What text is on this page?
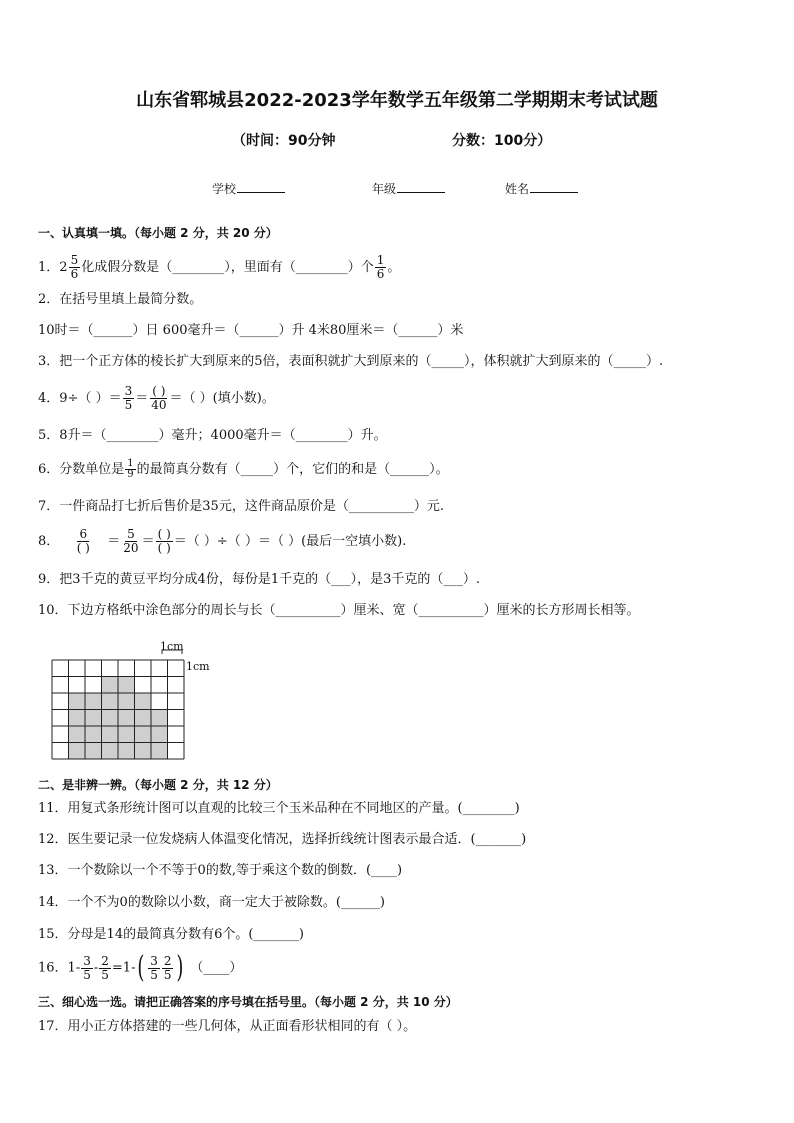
山东省郓城县2022-2023学年数学五年级第二学期期末考试试题
（时间：90分钟	分数：100分）
学校	年级	姓名
一、认真填一填。（每小题 2 分，共 20 分）
1．$2 \frac{5}{6}$ 化成假分数是（________），里面有（________）个 $\frac{1}{6}$ 。
2．在括号里填上最简分数。
10时＝（______）日 600毫升＝（______）升 4米80厘米＝（______）米
3．把一个正方体的棱长扩大到原来的5倍，表面积就扩大到原来的（_____），体积就扩大到原来的（_____）.
4．9÷（ ）＝ $\frac{3}{5} = \frac{( )}{40}$ ＝（ ）(填小数)。
5．8升＝（________）毫升；4000毫升＝（________）升。
6．分数单位是 $\frac{1}{9}$ 的最简真分数有（_____）个，它们的和是（______）。
7．一件商品打七折后售价是35元，这件商品原价是（__________）元.
8． $\frac{6}{( )} = \frac{5}{20} = \frac{( )}{( )}$ ＝（ ）÷（ ）＝（ ）(最后一空填小数).
9．把3千克的黄豆平均分成4份，每份是1千克的（___），是3千克的（___）.
10．下边方格纸中涂色部分的周长与长（__________）厘米、宽（__________）厘米的长方形周长相等。
1cm
1cm
二、是非辨一辨。（每小题 2 分，共 12 分）
11．用复式条形统计图可以直观的比较三个玉米品种在不同地区的产量。(________)
12．医生要记录一位发烧病人体温变化情况，选择折线统计图表示最合适．(_______)
13．一个数除以一个不等于0的数,等于乘这个数的倒数．(____)
14．一个不为0的数除以小数，商一定大于被除数。(______)
15．分母是14的最简真分数有6个。(_______)
16．$1- \frac{3}{5} - \frac{2}{5} =1-( \frac{3}{5} \frac{2}{5}$ ) （____）
三、细心选一选。请把正确答案的序号填在括号里。（每小题 2 分，共 10 分）
17．用小正方体搭建的一些几何体，从正面看形状相同的有（ ）。
